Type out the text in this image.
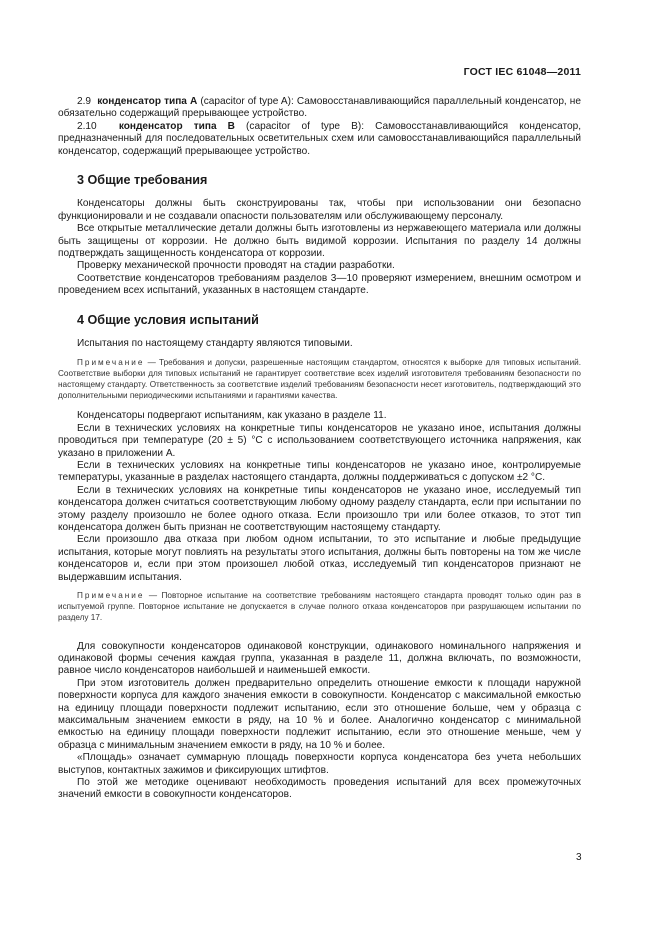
ГОСТ IEC 61048—2011

2.9 конденсатор типа А (capacitor of type A): Самовосстанавливающийся параллельный конденсатор, не обязательно содержащий прерывающее устройство.

2.10 конденсатор типа В (capacitor of type B): Самовосстанавливающийся конденсатор, предназначенный для последовательных осветительных схем или самовосстанавливающийся параллельный конденсатор, содержащий прерывающее устройство.

3 Общие требования

Конденсаторы должны быть сконструированы так, чтобы при использовании они безопасно функционировали и не создавали опасности пользователям или обслуживающему персоналу.

Все открытые металлические детали должны быть изготовлены из нержавеющего материала или должны быть защищены от коррозии. Не должно быть видимой коррозии. Испытания по разделу 14 должны подтверждать защищенность конденсатора от коррозии.

Проверку механической прочности проводят на стадии разработки.

Соответствие конденсаторов требованиям разделов 3—10 проверяют измерением, внешним осмотром и проведением всех испытаний, указанных в настоящем стандарте.

4 Общие условия испытаний

Испытания по настоящему стандарту являются типовыми.

Примечание — Требования и допуски, разрешенные настоящим стандартом, относятся к выборке для типовых испытаний. Соответствие выборки для типовых испытаний не гарантирует соответствие всех изделий изготовителя требованиям безопасности по настоящему стандарту. Ответственность за соответствие изделий требованиям безопасности несет изготовитель, подтверждающий это дополнительными периодическими испытаниями и гарантиями качества.

Конденсаторы подвергают испытаниям, как указано в разделе 11.

Если в технических условиях на конкретные типы конденсаторов не указано иное, испытания должны проводиться при температуре (20 ± 5) °С с использованием соответствующего источника напряжения, как указано в приложении А.

Если в технических условиях на конкретные типы конденсаторов не указано иное, контролируемые температуры, указанные в разделах настоящего стандарта, должны поддерживаться с допуском ±2 °С.

Если в технических условиях на конкретные типы конденсаторов не указано иное, исследуемый тип конденсатора должен считаться соответствующим любому одному разделу стандарта, если при испытании по этому разделу произошло не более одного отказа. Если произошло три или более отказов, то этот тип конденсатора должен быть признан не соответствующим настоящему стандарту.

Если произошло два отказа при любом одном испытании, то это испытание и любые предыдущие испытания, которые могут повлиять на результаты этого испытания, должны быть повторены на том же числе конденсаторов и, если при этом произошел любой отказ, исследуемый тип конденсаторов признают не выдержавшим испытания.

Примечание — Повторное испытание на соответствие требованиям настоящего стандарта проводят только один раз в испытуемой группе. Повторное испытание не допускается в случае полного отказа конденсаторов при разрушающем испытании по разделу 17.

Для совокупности конденсаторов одинаковой конструкции, одинакового номинального напряжения и одинаковой формы сечения каждая группа, указанная в разделе 11, должна включать, по возможности, равное число конденсаторов наибольшей и наименьшей емкости.

При этом изготовитель должен предварительно определить отношение емкости к площади наружной поверхности корпуса для каждого значения емкости в совокупности. Конденсатор с максимальной емкостью на единицу площади поверхности подлежит испытанию, если это отношение больше, чем у образца с максимальным значением емкости в ряду, на 10 % и более. Аналогично конденсатор с минимальной емкостью на единицу площади поверхности подлежит испытанию, если это отношение меньше, чем у образца с минимальным значением емкости в ряду, на 10 % и более.

«Площадь» означает суммарную площадь поверхности корпуса конденсатора без учета небольших выступов, контактных зажимов и фиксирующих штифтов.

По этой же методике оценивают необходимость проведения испытаний для всех промежуточных значений емкости в совокупности конденсаторов.

3
